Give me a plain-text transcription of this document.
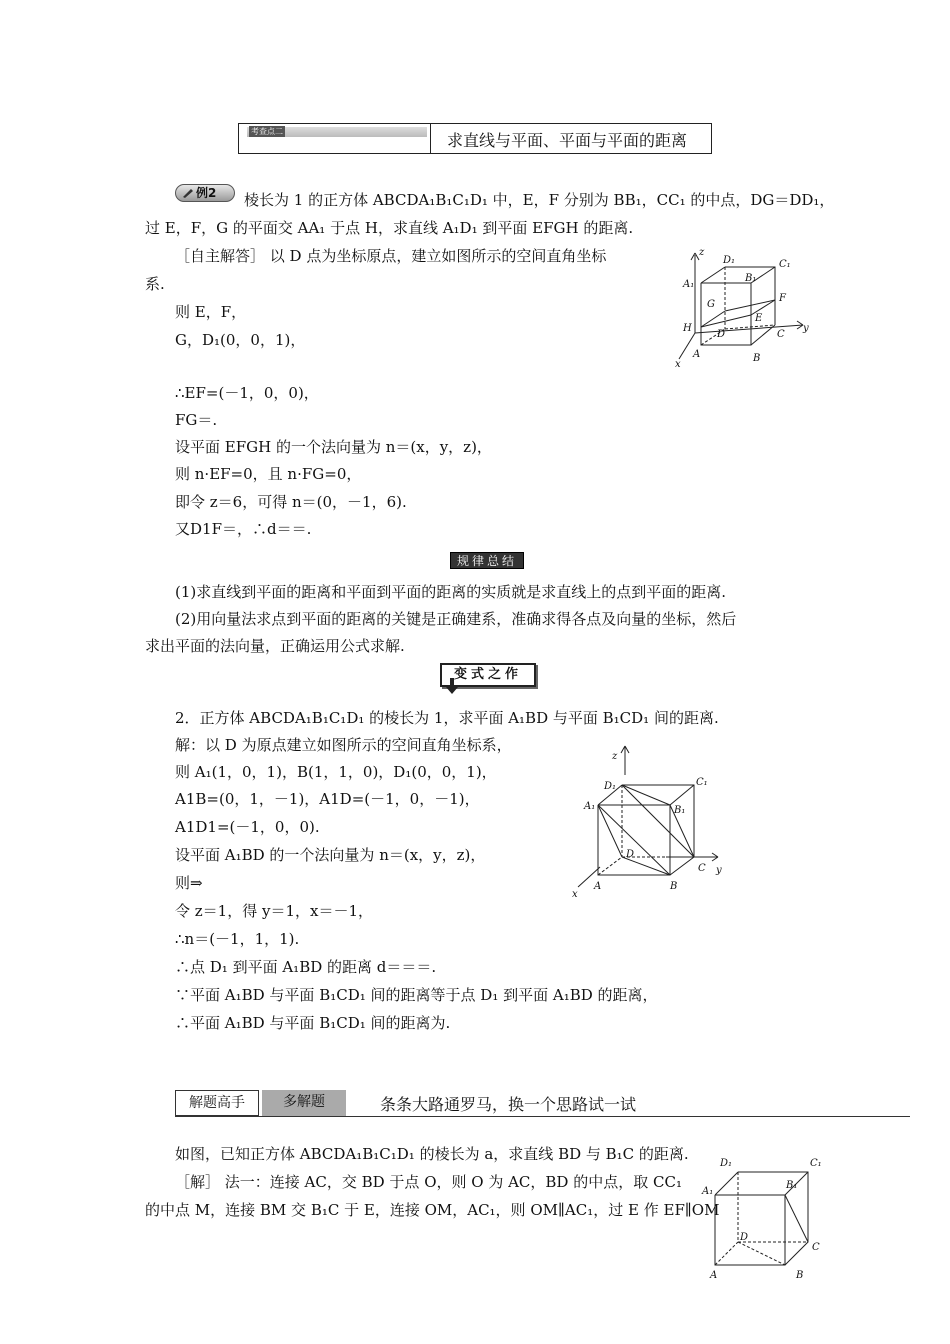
考查点二	求直线与平面、平面与平面的距离
例2 棱长为 1 的正方体 ABCDA₁B₁C₁D₁ 中，E，F 分别为 BB₁，CC₁ 的中点，DG＝DD₁，
过 E，F，G 的平面交 AA₁ 于点 H，求直线 A₁D₁ 到平面 EFGH 的距离.
［自主解答］ 以 D 点为坐标原点，建立如图所示的空间直角坐标
系.
则 E，F，
G，D₁(0，0，1)，
∴EF=(－1，0，0)，
FG＝.
设平面 EFGH 的一个法向量为 n＝(x，y，z)，
则 n·EF=0，且 n·FG=0，
即令 z＝6，可得 n＝(0，－1，6).
又D1F＝，∴d＝＝.
z
y
x
D₁	C₁
A₁
B₁
G
F
H
E
D	C
A	B
规律总结
(1)求直线到平面的距离和平面到平面的距离的实质就是求直线上的点到平面的距离.
(2)用向量法求点到平面的距离的关键是正确建系，准确求得各点及向量的坐标，然后
求出平面的法向量，正确运用公式求解.
变式之作
2．正方体 ABCDA₁B₁C₁D₁ 的棱长为 1，求平面 A₁BD 与平面 B₁CD₁ 间的距离.
解：以 D 为原点建立如图所示的空间直角坐标系，
则 A₁(1，0，1)，B(1，1，0)，D₁(0，0，1)，
A1B=(0，1，－1)，A1D=(－1，0，－1)，
A1D1=(－1，0，0).
设平面 A₁BD 的一个法向量为 n＝(x，y，z)，
则⇒
令 z＝1，得 y＝1，x＝－1，
∴n＝(－1，1，1).
∴点 D₁ 到平面 A₁BD 的距离 d＝＝＝.
∵平面 A₁BD 与平面 B₁CD₁ 间的距离等于点 D₁ 到平面 A₁BD 的距离，
∴平面 A₁BD 与平面 B₁CD₁ 间的距离为.
z
y
x
D₁	C₁
A₁	B₁
D
C
A	B
解题高手	多解题	条条大路通罗马，换一个思路试一试
如图，已知正方体 ABCDA₁B₁C₁D₁ 的棱长为 a，求直线 BD 与 B₁C 的距离.
［解］ 法一：连接 AC，交 BD 于点 O，则 O 为 AC，BD 的中点，取 CC₁
的中点 M，连接 BM 交 B₁C 于 E，连接 OM，AC₁，则 OM∥AC₁，过 E 作 EF∥OM
D₁	C₁
A₁
B₁
D
C
A	B
